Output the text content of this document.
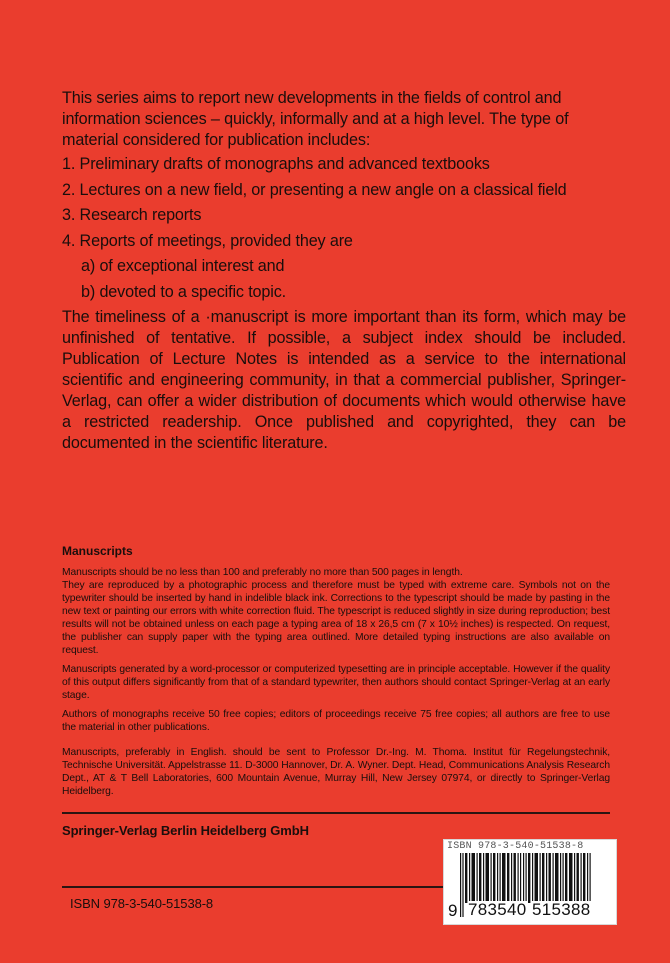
This series aims to report new developments in the fields of control and information sciences – quickly, informally and at a high level. The type of material considered for publication includes:

1. Preliminary drafts of monographs and advanced textbooks
2. Lectures on a new field, or presenting a new angle on a classical field
3. Research reports
4. Reports of meetings, provided they are
a) of exceptional interest and
b) devoted to a specific topic.

The timeliness of a ·manuscript is more important than its form, which may be unfinished of tentative. If possible, a subject index should be included. Publication of Lecture Notes is intended as a service to the international scientific and engineering community, in that a commercial publisher, Springer-Verlag, can offer a wider distribution of documents which would otherwise have a restricted readership. Once published and copyrighted, they can be documented in the scientific literature.

Manuscripts

Manuscripts should be no less than 100 and preferably no more than 500 pages in length.

They are reproduced by a photographic process and therefore must be typed with extreme care. Symbols not on the typewriter should be inserted by hand in indelible black ink. Corrections to the typescript should be made by pasting in the new text or painting our errors with white correction fluid. The typescript is reduced slightly in size during reproduction; best results will not be obtained unless on each page a typing area of 18 x 26,5 cm (7 x 10½ inches) is respected. On request, the publisher can supply paper with the typing area outlined. More detailed typing instructions are also available on request.

Manuscripts generated by a word-processor or computerized typesetting are in principle acceptable. However if the quality of this output differs significantly from that of a standard typewriter, then authors should contact Springer-Verlag at an early stage.

Authors of monographs receive 50 free copies; editors of proceedings receive 75 free copies; all authors are free to use the material in other publications.

Manuscripts, preferably in English. should be sent to Professor Dr.-Ing. M. Thoma. Institut für Regelungstechnik, Technische Universität. Appelstrasse 11. D-3000 Hannover, Dr. A. Wyner. Dept. Head, Communications Analysis Research Dept., AT & T Bell Laboratories, 600 Mountain Avenue, Murray Hill, New Jersey 07974, or directly to Springer-Verlag Heidelberg.

Springer-Verlag Berlin Heidelberg GmbH
ISBN 978-3-540-51538-8
ISBN 978-3-540-51538-8
9 783540 515388
